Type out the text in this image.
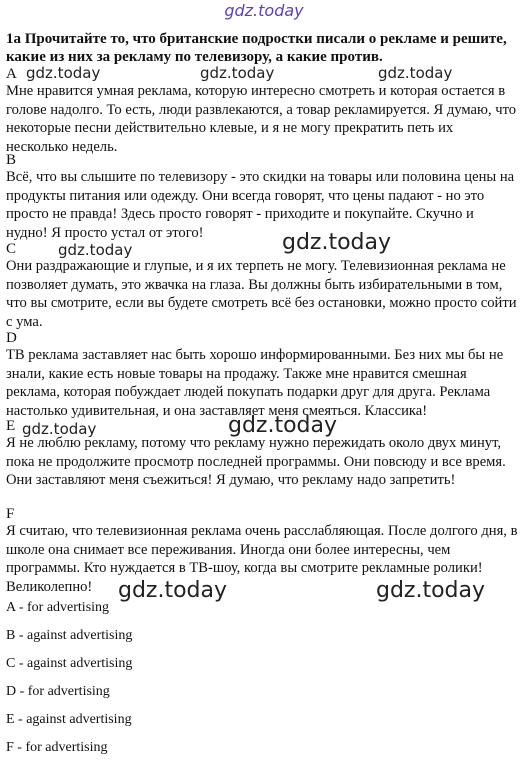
gdz.today
1a Прочитайте то, что британские подростки писали о рекламе и решите, какие из них за рекламу по телевизору, а какие против.
A
Мне нравится умная реклама, которую интересно смотреть и которая остается в голове надолго. То есть, люди развлекаются, а товар рекламируется. Я думаю, что некоторые песни действительно клевые, и я не могу прекратить петь их несколько недель.
B
Всё, что вы слышите по телевизору - это скидки на товары или половина цены на продукты питания или одежду. Они всегда говорят, что цены падают - но это просто не правда! Здесь просто говорят - приходите и покупайте. Скучно и нудно! Я просто устал от этого!
C
Они раздражающие и глупые, и я их терпеть не могу. Телевизионная реклама не позволяет думать, это жвачка на глаза. Вы должны быть избирательными в том, что вы смотрите, если вы будете смотреть всё без остановки, можно просто сойти с ума.
D
ТВ реклама заставляет нас быть хорошо информированными. Без них мы бы не знали, какие есть новые товары на продажу. Также мне нравится смешная реклама, которая побуждает людей покупать подарки друг для друга. Реклама настолько удивительная, и она заставляет меня смеяться. Классика!
E
Я не люблю рекламу, потому что рекламу нужно пережидать около двух минут, пока не продолжите просмотр последней программы. Они повсюду и все время. Они заставляют меня съежиться! Я думаю, что рекламу надо запретить!
F
Я считаю, что телевизионная реклама очень расслабляющая. После долгого дня, в школе она снимает все переживания. Иногда они более интересны, чем программы. Кто нуждается в ТВ-шоу, когда вы смотрите рекламные ролики! Великолепно!
A - for advertising
B - against advertising
C - against advertising
D - for advertising
E - against advertising
F - for advertising
gdz.today	gdz.today	gdz.today
gdz.today	gdz.today
gdz.today	gdz.today
gdz.today	gdz.today
